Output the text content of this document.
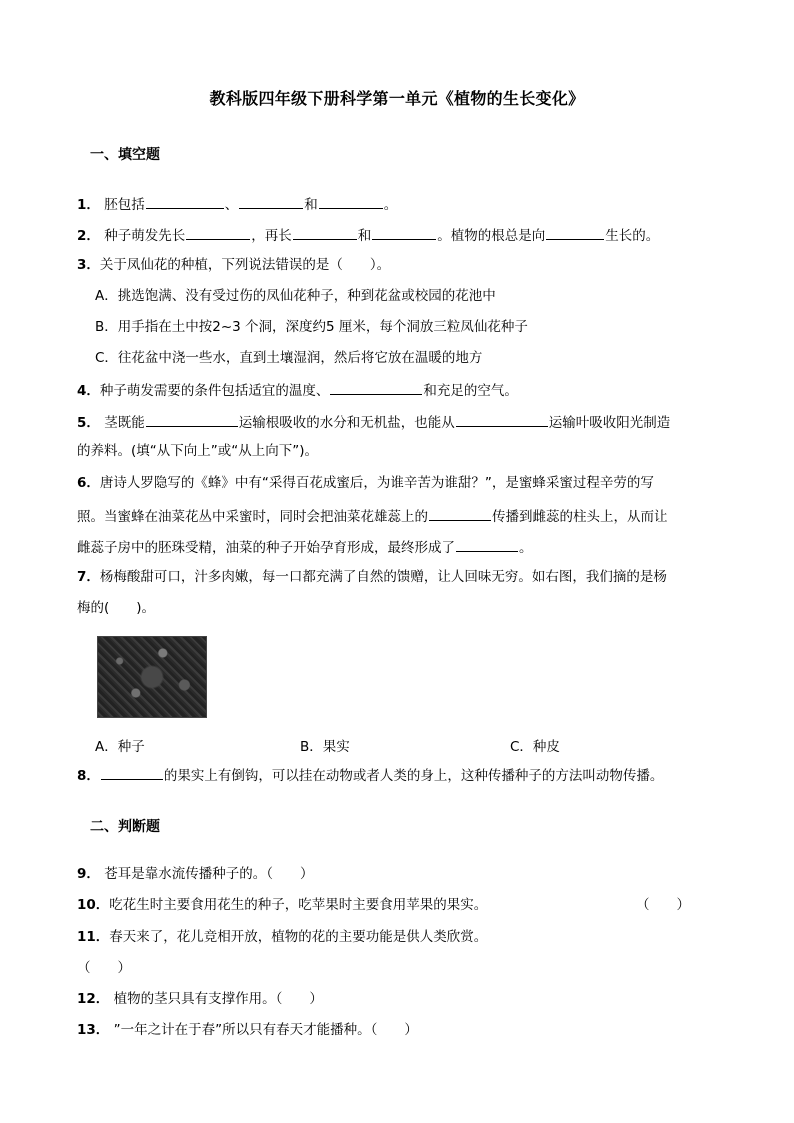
教科版四年级下册科学第一单元《植物的生长变化》
一、填空题
1． 胚包括	、	和	。
2． 种子萌发先长	，再长	和	。植物的根总是向	生长的。
3．关于凤仙花的种植，下列说法错误的是（　　）。
A．挑选饱满、没有受过伤的凤仙花种子，种到花盆或校园的花池中
B．用手指在土中按2~3 个洞，深度约5 厘米，每个洞放三粒凤仙花种子
C．往花盆中浇一些水，直到土壤湿润，然后将它放在温暖的地方
4．种子萌发需要的条件包括适宜的温度、	和充足的空气。
5． 茎既能	运输根吸收的水分和无机盐，也能从	运输叶吸收阳光制造
的养料。(填“从下向上”或“从上向下”)。
6．唐诗人罗隐写的《蜂》中有“采得百花成蜜后，为谁辛苦为谁甜？”，是蜜蜂采蜜过程辛劳的写
照。当蜜蜂在油菜花丛中采蜜时，同时会把油菜花雄蕊上的	传播到雌蕊的柱头上，从而让
雌蕊子房中的胚珠受精，油菜的种子开始孕育形成，最终形成了	。
7．杨梅酸甜可口，汁多肉嫩，每一口都充满了自然的馈赠，让人回味无穷。如右图，我们摘的是杨
梅的(　　)。
A．种子	B．果实	C．种皮
8．	的果实上有倒钩，可以挂在动物或者人类的身上，这种传播种子的方法叫动物传播。
二、判断题
9． 苍耳是靠水流传播种子的。（　　）
10．吃花生时主要食用花生的种子，吃苹果时主要食用苹果的果实。	（　　）
11．春天来了，花儿竞相开放，植物的花的主要功能是供人类欣赏。
（　　）
12． 植物的茎只具有支撑作用。（　　）
13． ”一年之计在于春”所以只有春天才能播种。（　　）
